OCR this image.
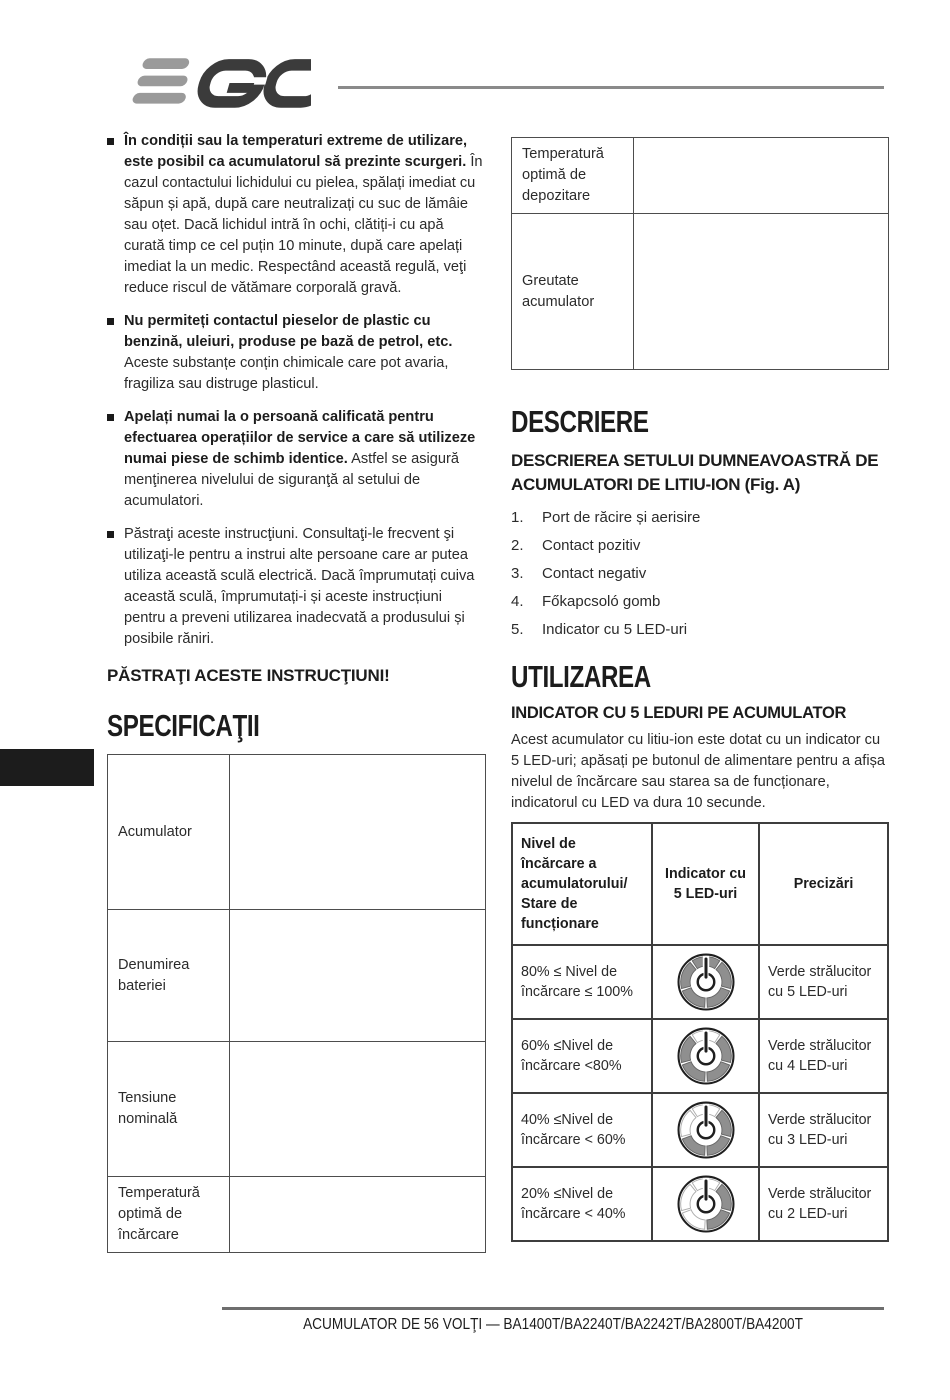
În condiții sau la temperaturi extreme de utilizare, este posibil ca acumulatorul să prezinte scurgeri. În cazul contactului lichidului cu pielea, spălați imediat cu săpun și apă, după care neutralizați cu suc de lămâie sau oțet. Dacă lichidul intră în ochi, clătiți-i cu apă curată timp ce cel puțin 10 minute, după care apelați imediat la un medic. Respectând această regulă, veţi reduce riscul de vătămare corporală gravă.
Nu permiteți contactul pieselor de plastic cu benzină, uleiuri, produse pe bază de petrol, etc. Aceste substanțe conțin chimicale care pot avaria, fragiliza sau distruge plasticul.
Apelați numai la o persoană calificată pentru efectuarea operațiilor de service a care să utilizeze numai piese de schimb identice. Astfel se asigură menţinerea nivelului de siguranţă al setului de acumulatori.
Păstraţi aceste instrucţiuni. Consultaţi-le frecvent şi utilizaţi-le pentru a instrui alte persoane care ar putea utiliza această sculă electrică. Dacă împrumutați cuiva această sculă, împrumutați-i și aceste instrucțiuni pentru a preveni utilizarea inadecvată a produsului și posibile răniri.
PĂSTRAŢI ACESTE INSTRUCŢIUNI!
SPECIFICAŢII
Acumulator	
Denumirea bateriei	
Tensiune nominală	
Temperatură optimă de încărcare	
Temperatură optimă de depozitare	
Greutate acumulator	
DESCRIERE
DESCRIEREA SETULUI DUMNEAVOASTRĂ DE ACUMULATORI DE LITIU-ION (Fig. A)
1.	Port de răcire și aerisire
2.	Contact pozitiv
3.	Contact negativ
4.	Főkapcsoló gomb
5.	Indicator cu 5 LED-uri
UTILIZAREA
INDICATOR CU 5 LEDURI PE ACUMULATOR
Acest acumulator cu litiu-ion este dotat cu un indicator cu 5 LED-uri; apăsați pe butonul de alimentare pentru a afișa nivelul de încărcare sau starea sa de funcționare, indicatorul cu LED va dura 10 secunde.
Nivel de încărcare a acumulatorului/ Stare de funcționare	Indicator cu 5 LED-uri	Precizări
80% ≤ Nivel de încărcare ≤ 100%		Verde strălucitor cu 5 LED-uri
60% ≤Nivel de încărcare <80%		Verde strălucitor cu 4 LED-uri
40% ≤Nivel de încărcare < 60%		Verde strălucitor cu 3 LED-uri
20% ≤Nivel de încărcare < 40%		Verde strălucitor cu 2 LED-uri
ACUMULATOR DE 56 VOLŢI — BA1400T/BA2240T/BA2242T/BA2800T/BA4200T
